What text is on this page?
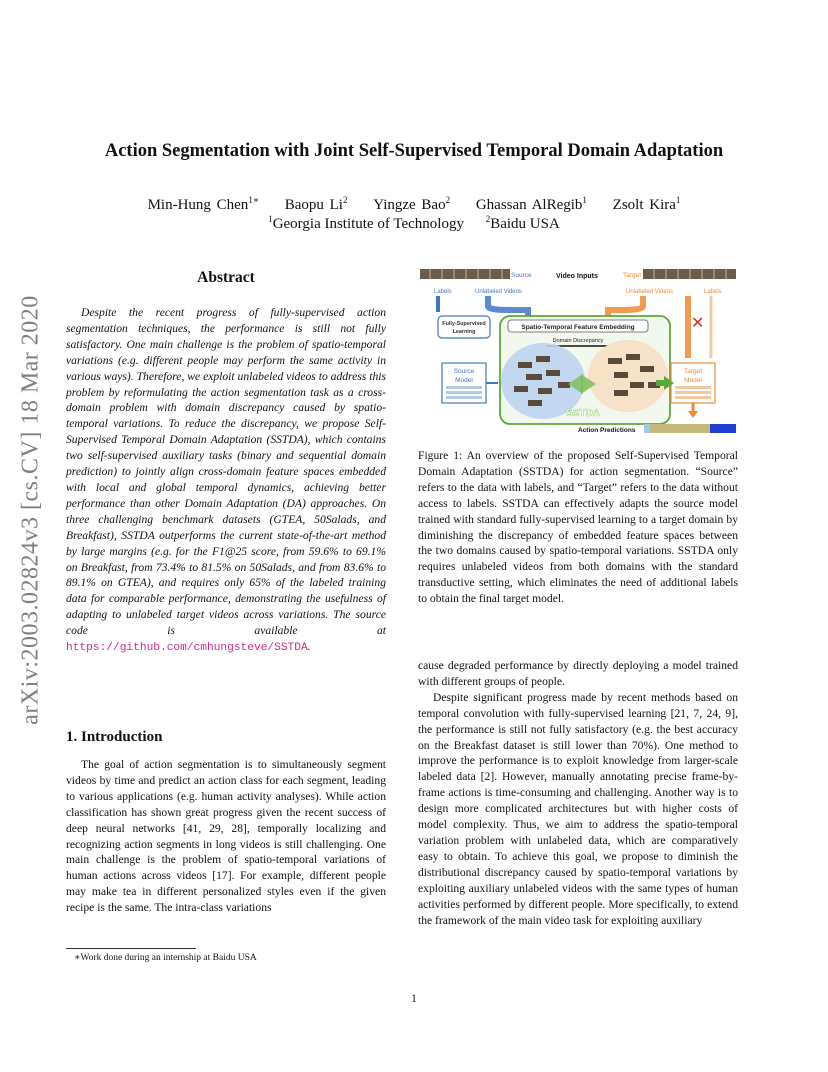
Action Segmentation with Joint Self-Supervised Temporal Domain Adaptation
Min-Hung Chen$^{1∗}$ Baopu Li$^2$ Yingze Bao$^2$ Ghassan AlRegib$^1$ Zsolt Kira$^1$
$^1$Georgia Institute of Technology $^2$Baidu USA
arXiv:2003.02824v3 [cs.CV] 18 Mar 2020
Abstract
Despite the recent progress of fully-supervised action segmentation techniques, the performance is still not fully satisfactory. One main challenge is the problem of spatio-temporal variations (e.g. different people may perform the same activity in various ways). Therefore, we exploit unlabeled videos to address this problem by reformulating the action segmentation task as a cross-domain problem with domain discrepancy caused by spatio-temporal variations. To reduce the discrepancy, we propose Self-Supervised Temporal Domain Adaptation (SSTDA), which contains two self-supervised auxiliary tasks (binary and sequential domain prediction) to jointly align cross-domain feature spaces embedded with local and global temporal dynamics, achieving better performance than other Domain Adaptation (DA) approaches. On three challenging benchmark datasets (GTEA, 50Salads, and Breakfast), SSTDA outperforms the current state-of-the-art method by large margins (e.g. for the F1@25 score, from 59.6% to 69.1% on Breakfast, from 73.4% to 81.5% on 50Salads, and from 83.6% to 89.1% on GTEA), and requires only 65% of the labeled training data for comparable performance, demonstrating the usefulness of adapting to unlabeled target videos across variations. The source code is available at https://github.com/cmhungsteve/SSTDA.
1. Introduction
The goal of action segmentation is to simultaneously segment videos by time and predict an action class for each segment, leading to various applications (e.g. human activity analyses). While action classification has shown great progress given the recent success of deep neural networks [41, 29, 28], temporally localizing and recognizing action segments in long videos is still challenging. One main challenge is the problem of spatio-temporal variations of human actions across videos [17]. For example, different people may make tea in different personalized styles even if the given recipe is the same. The intra-class variations
∗Work done during an internship at Baidu USA
Source	Video Inputs	Target
Labels	Unlabeled Videos	Unlabeled Videos	Labels
✕
Fully-Supervised
Learning
Spatio-Temporal Feature Embedding
Domain Discrepancy
SSTDA
Source
Model
Target
Model
Action Predictions
Figure 1: An overview of the proposed Self-Supervised Temporal Domain Adaptation (SSTDA) for action segmentation. “Source” refers to the data with labels, and “Target” refers to the data without access to labels. SSTDA can effectively adapts the source model trained with standard fully-supervised learning to a target domain by diminishing the discrepancy of embedded feature spaces between the two domains caused by spatio-temporal variations. SSTDA only requires unlabeled videos from both domains with the standard transductive setting, which eliminates the need of additional labels to obtain the final target model.

cause degraded performance by directly deploying a model trained with different groups of people.

Despite significant progress made by recent methods based on temporal convolution with fully-supervised learning [21, 7, 24, 9], the performance is still not fully satisfactory (e.g. the best accuracy on the Breakfast dataset is still lower than 70%). One method to improve the performance is to exploit knowledge from larger-scale labeled data [2]. However, manually annotating precise frame-by-frame actions is time-consuming and challenging. Another way is to design more complicated architectures but with higher costs of model complexity. Thus, we aim to address the spatio-temporal variation problem with unlabeled data, which are comparatively easy to obtain. To achieve this goal, we propose to diminish the distributional discrepancy caused by spatio-temporal variations by exploiting auxiliary unlabeled videos with the same types of human activities performed by different people. More specifically, to extend the framework of the main video task for exploiting auxiliary

1
